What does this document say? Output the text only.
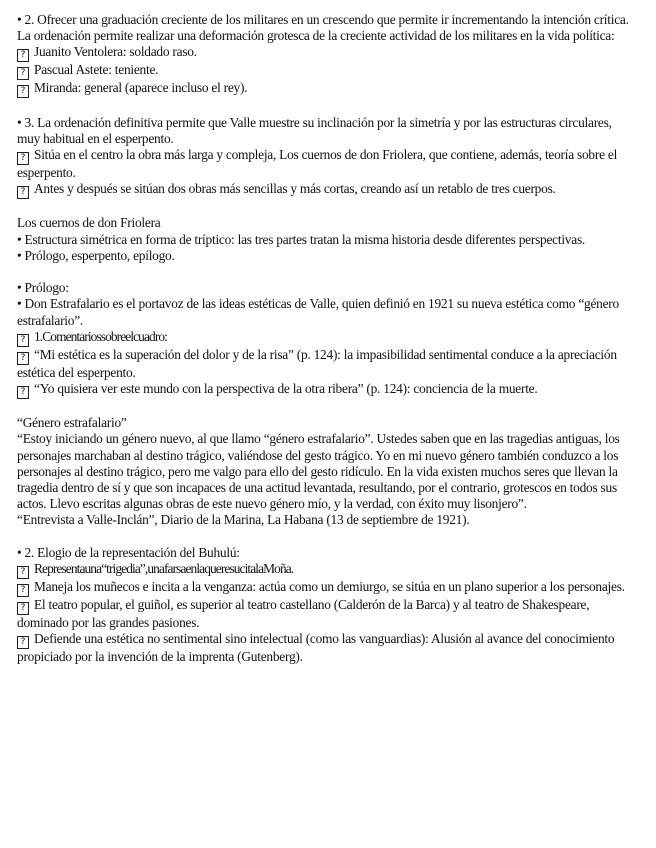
• 2. Ofrecer una graduación creciente de los militares en un crescendo que permite ir incrementando la intención crítica. La ordenación permite realizar una deformación grotesca de la creciente actividad de los militares en la vida política:

? Juanito Ventolera: soldado raso.

? Pascual Astete: teniente.

? Miranda: general (aparece incluso el rey).

• 3. La ordenación definitiva permite que Valle muestre su inclinación por la simetría y por las estructuras circulares, muy habitual en el esperpento.

? Sitúa en el centro la obra más larga y compleja, Los cuernos de don Friolera, que contiene, además, teoría sobre el esperpento.

? Antes y después se sitúan dos obras más sencillas y más cortas, creando así un retablo de tres cuerpos.

Los cuernos de don Friolera

• Estructura simétrica en forma de tríptico: las tres partes tratan la misma historia desde diferentes perspectivas.

• Prólogo, esperpento, epílogo.

• Prólogo:

• Don Estrafalario es el portavoz de las ideas estéticas de Valle, quien definió en 1921 su nueva estética como “género estrafalario”.

? 1.Comentariossobreelcuadro:

? “Mi estética es la superación del dolor y de la risa” (p. 124): la impasibilidad sentimental conduce a la apreciación estética del esperpento.

? “Yo quisiera ver este mundo con la perspectiva de la otra ribera” (p. 124): conciencia de la muerte.

“Género estrafalario”

“Estoy iniciando un género nuevo, al que llamo “género estrafalario”. Ustedes saben que en las tragedias antiguas, los personajes marchaban al destino trágico, valiéndose del gesto trágico. Yo en mi nuevo género también conduzco a los personajes al destino trágico, pero me valgo para ello del gesto ridículo. En la vida existen muchos seres que llevan la tragedia dentro de sí y que son incapaces de una actitud levantada, resultando, por el contrario, grotescos en todos sus actos. Llevo escritas algunas obras de este nuevo género mío, y la verdad, con éxito muy lisonjero”.

“Entrevista a Valle-Inclán”, Diario de la Marina, La Habana (13 de septiembre de 1921).

• 2. Elogio de la representación del Buhulú:

? Representauna“trigedia”,unafarsaenlaqueresucitalaMoña.

? Maneja los muñecos e incita a la venganza: actúa como un demiurgo, se sitúa en un plano superior a los personajes.

? El teatro popular, el guiñol, es superior al teatro castellano (Calderón de la Barca) y al teatro de Shakespeare, dominado por las grandes pasiones.

? Defiende una estética no sentimental sino intelectual (como las vanguardias): Alusión al avance del conocimiento propiciado por la invención de la imprenta (Gutenberg).
